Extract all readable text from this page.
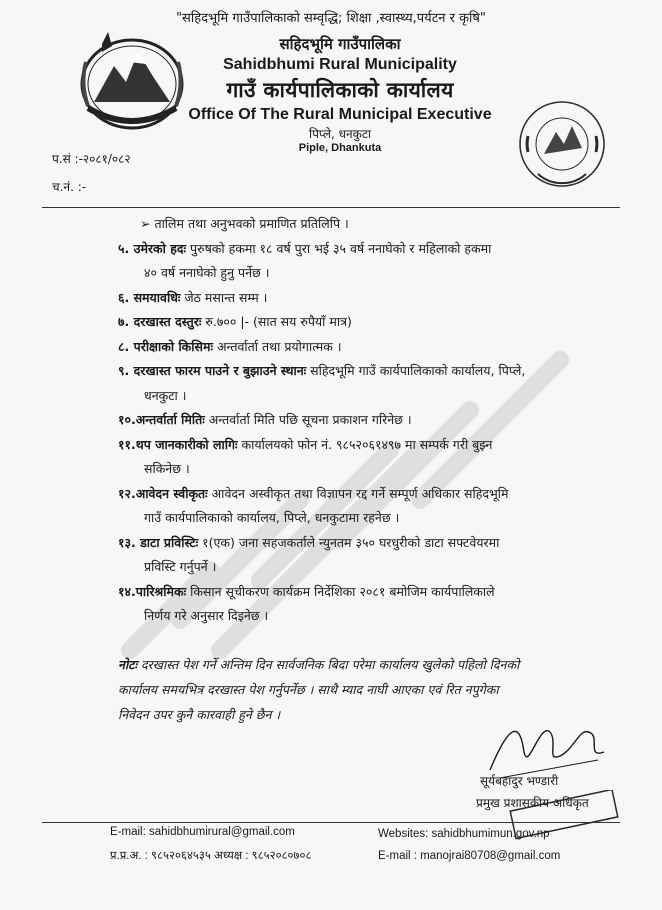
"सहिदभूमि गाउँपालिकाको सम्वृद्धि; शिक्षा ,स्वास्थ्य,पर्यटन र कृषि"
सहिदभूमि गाउँपालिका
Sahidbhumi Rural Municipality
गाउँ कार्यपालिकाको कार्यालय
Office Of The Rural Municipal Executive
पिप्ले, धनकुटा
Piple, Dhankuta
प.सं :-२०८१/०८२
च.नं. :-
➢ तालिम तथा अनुभवको प्रमाणित प्रतिलिपि ।
५. उमेरको हदः पुरुषको हकमा १८ वर्ष पुरा भई ३५ वर्ष ननाघेको र महिलाको हकमा
४० वर्ष ननाघेको हुनु पर्नेछ ।
६. समयावधिः जेठ मसान्त सम्म ।
७. दरखास्त दस्तुरः रु.७०० |- (सात सय रुपैयाँ मात्र)
८. परीक्षाको किसिमः अन्तर्वार्ता तथा प्रयोगात्मक ।
९. दरखास्त फारम पाउने र बुझाउने स्थानः सहिदभूमि गाउँ कार्यपालिकाको कार्यालय, पिप्ले,
धनकुटा ।
१०.अन्तर्वार्ता मितिः अन्तर्वार्ता मिति पछि सूचना प्रकाशन गरिनेछ ।
११.थप जानकारीको लागिः कार्यालयको फोन नं. ९८५२०६१४९७ मा सम्पर्क गरी बुझ्न
सकिनेछ ।
१२.आवेदन स्वीकृतः आवेदन अस्वीकृत तथा विज्ञापन रद्द गर्ने सम्पूर्ण अधिकार सहिदभूमि
गाउँ कार्यपालिकाको कार्यालय, पिप्ले, धनकुटामा रहनेछ ।
१३. डाटा प्रविस्टिः १(एक) जना सहजकर्ताले न्युनतम ३५० घरधुरीको डाटा सफ्टवेयरमा
प्रविस्टि गर्नुपर्ने ।
१४.पारिश्रमिकः किसान सूचीकरण कार्यक्रम निर्देशिका २०८१ बमोजिम कार्यपालिकाले
निर्णय गरे अनुसार दिइनेछ ।
नोटः दरखास्त पेश गर्ने अन्तिम दिन सार्वजनिक बिदा परेमा कार्यालय खुलेको पहिलो दिनको
कार्यालय समयभित्र दरखास्त पेश गर्नुपर्नेछ । साथै म्याद नाघी आएका एवं रित नपुगेका
निवेदन उपर कुनै कारवाही हुने छैन ।
सूर्यबहादुर भण्डारी
प्रमुख प्रशासकीय अधिकृत
E-mail: sahidbhumirural@gmail.com
प्र.प्र.अ. : ९८५२०६४५३५ अध्यक्ष : ९८५२०८०७०८
Websites: sahidbhumimun.gov.np
E-mail : manojrai80708@gmail.com
